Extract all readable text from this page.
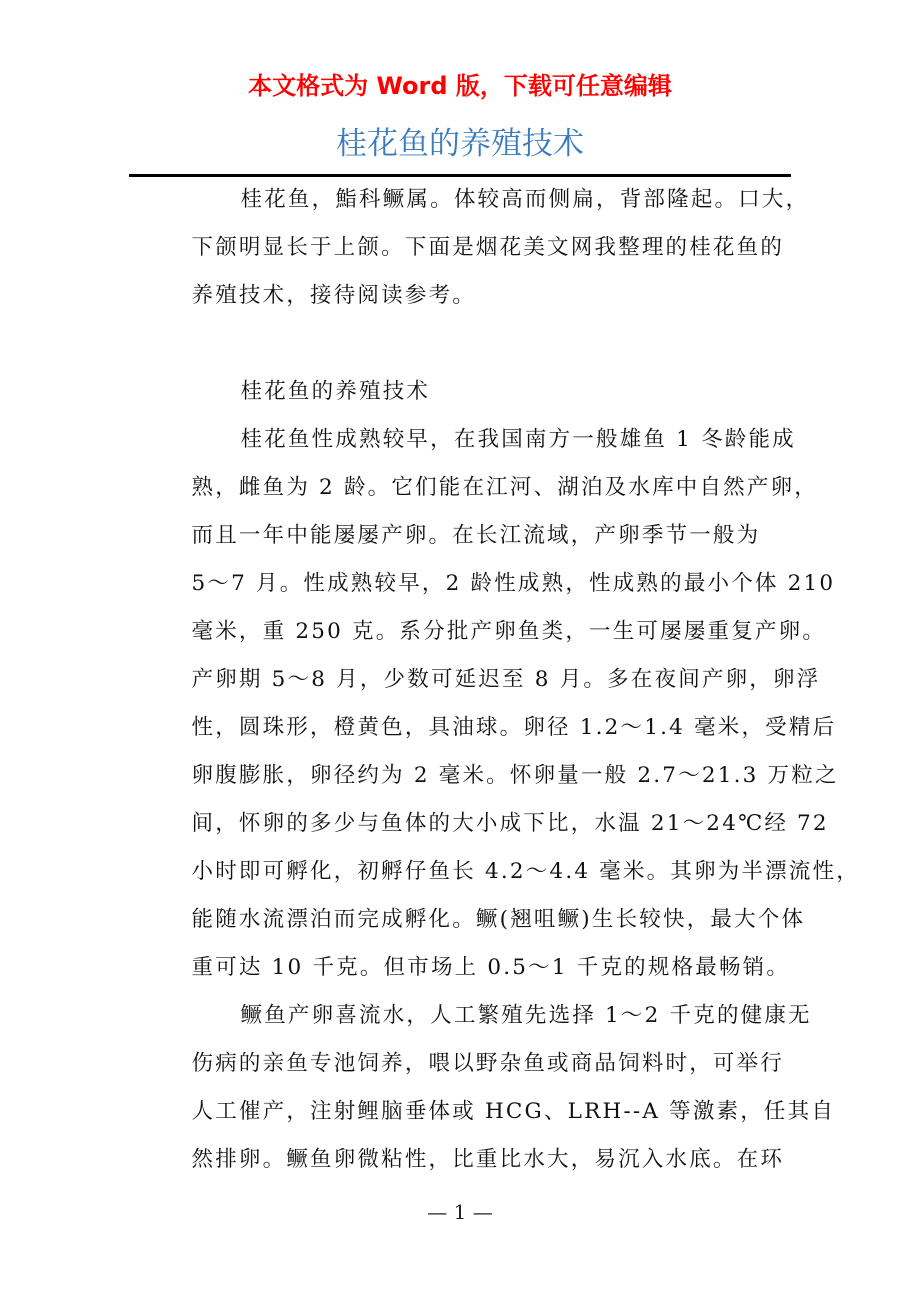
本文格式为 Word 版，下载可任意编辑
桂花鱼的养殖技术
桂花鱼，鮨科鳜属。体较高而侧扁，背部隆起。口大，
下颌明显长于上颌。下面是烟花美文网我整理的桂花鱼的
养殖技术，接待阅读参考。
桂花鱼的养殖技术
桂花鱼性成熟较早，在我国南方一般雄鱼 1 冬龄能成
熟，雌鱼为 2 龄。它们能在江河、湖泊及水库中自然产卵，
而且一年中能屡屡产卵。在长江流域，产卵季节一般为
5～7 月。性成熟较早，2 龄性成熟，性成熟的最小个体 210
毫米，重 250 克。系分批产卵鱼类，一生可屡屡重复产卵。
产卵期 5～8 月，少数可延迟至 8 月。多在夜间产卵，卵浮
性，圆珠形，橙黄色，具油球。卵径 1.2～1.4 毫米，受精后
卵腹膨胀，卵径约为 2 毫米。怀卵量一般 2.7～21.3 万粒之
间，怀卵的多少与鱼体的大小成下比，水温 21～24℃经 72
小时即可孵化，初孵仔鱼长 4.2～4.4 毫米。其卵为半漂流性，
能随水流漂泊而完成孵化。鳜(翘咀鳜)生长较快，最大个体
重可达 10 千克。但市场上 0.5～1 千克的规格最畅销。
鳜鱼产卵喜流水，人工繁殖先选择 1～2 千克的健康无
伤病的亲鱼专池饲养，喂以野杂鱼或商品饲料时，可举行
人工催产，注射鲤脑垂体或 HCG、LRH--A 等激素，任其自
然排卵。鳜鱼卵微粘性，比重比水大，易沉入水底。在环
— 1 —
